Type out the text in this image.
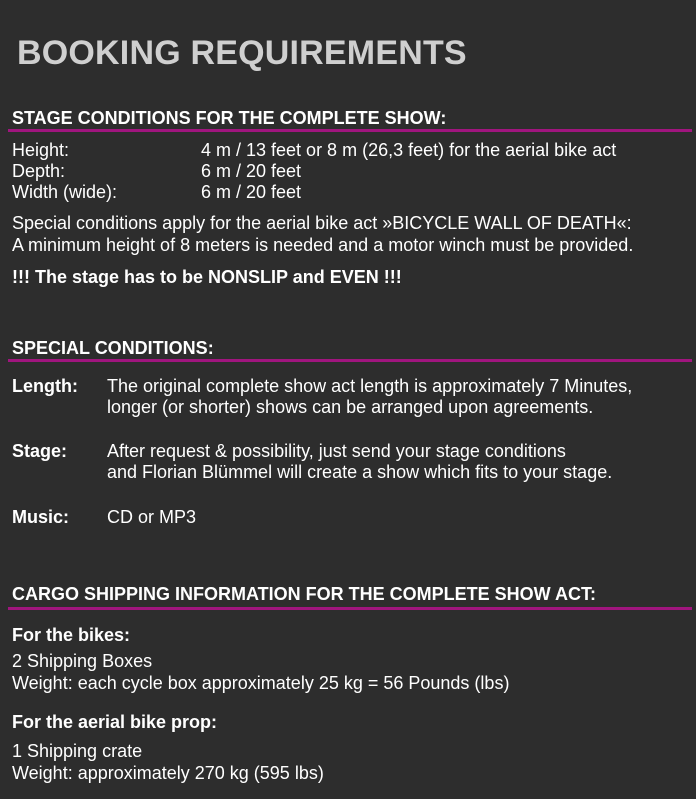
BOOKING REQUIREMENTS
STAGE CONDITIONS FOR THE COMPLETE SHOW:

Height:	4 m / 13 feet or 8 m (26,3 feet) for the aerial bike act

Depth:	6 m / 20 feet

Width (wide):	6 m / 20 feet

Special conditions apply for the aerial bike act »BICYCLE WALL OF DEATH«:

A minimum height of 8 meters is needed and a motor winch must be provided.

!!! The stage has to be NONSLIP and EVEN !!!

SPECIAL CONDITIONS:

Length: The original complete show act length is approximately 7 Minutes,

longer (or shorter) shows can be arranged upon agreements.

Stage: After request & possibility, just send your stage conditions

and Florian Blümmel will create a show which fits to your stage.

Music: CD or MP3

CARGO SHIPPING INFORMATION FOR THE COMPLETE SHOW ACT:

For the bikes:

2 Shipping Boxes

Weight: each cycle box approximately 25 kg = 56 Pounds (lbs)

For the aerial bike prop:

1 Shipping crate

Weight: approximately 270 kg (595 lbs)
